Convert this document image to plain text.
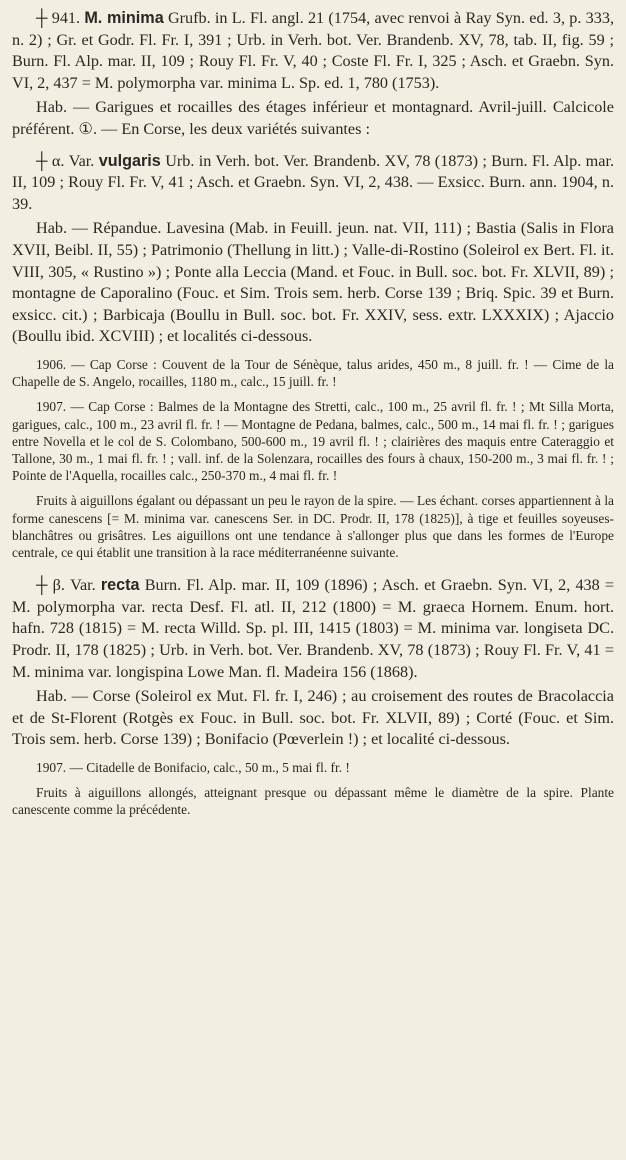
┼ 941. M. minima Grufb. in L. Fl. angl. 21 (1754, avec renvoi à Ray Syn. ed. 3, p. 333, n. 2) ; Gr. et Godr. Fl. Fr. I, 391 ; Urb. in Verh. bot. Ver. Brandenb. XV, 78, tab. II, fig. 59 ; Burn. Fl. Alp. mar. II, 109 ; Rouy Fl. Fr. V, 40 ; Coste Fl. Fr. I, 325 ; Asch. et Graebn. Syn. VI, 2, 437 = M. polymorpha var. minima L. Sp. ed. 1, 780 (1753).

Hab. — Garigues et rocailles des étages inférieur et montagnard. Avril-juill. Calcicole préférent. ①. — En Corse, les deux variétés suivantes :

┼ α. Var. vulgaris Urb. in Verh. bot. Ver. Brandenb. XV, 78 (1873) ; Burn. Fl. Alp. mar. II, 109 ; Rouy Fl. Fr. V, 41 ; Asch. et Graebn. Syn. VI, 2, 438. — Exsicc. Burn. ann. 1904, n. 39.

Hab. — Répandue. Lavesina (Mab. in Feuill. jeun. nat. VII, 111) ; Bastia (Salis in Flora XVII, Beibl. II, 55) ; Patrimonio (Thellung in litt.) ; Valle-di-Rostino (Soleirol ex Bert. Fl. it. VIII, 305, « Rustino ») ; Ponte alla Leccia (Mand. et Fouc. in Bull. soc. bot. Fr. XLVII, 89) ; montagne de Caporalino (Fouc. et Sim. Trois sem. herb. Corse 139 ; Briq. Spic. 39 et Burn. exsicc. cit.) ; Barbicaja (Boullu in Bull. soc. bot. Fr. XXIV, sess. extr. LXXXIX) ; Ajaccio (Boullu ibid. XCVIII) ; et localités ci-dessous.

1906. — Cap Corse : Couvent de la Tour de Sénèque, talus arides, 450 m., 8 juill. fr. ! — Cime de la Chapelle de S. Angelo, rocailles, 1180 m., calc., 15 juill. fr. !

1907. — Cap Corse : Balmes de la Montagne des Stretti, calc., 100 m., 25 avril fl. fr. ! ; Mt Silla Morta, garigues, calc., 100 m., 23 avril fl. fr. ! — Montagne de Pedana, balmes, calc., 500 m., 14 mai fl. fr. ! ; garigues entre Novella et le col de S. Colombano, 500-600 m., 19 avril fl. ! ; clairières des maquis entre Cateraggio et Tallone, 30 m., 1 mai fl. fr. ! ; vall. inf. de la Solenzara, rocailles des fours à chaux, 150-200 m., 3 mai fl. fr. ! ; Pointe de l'Aquella, rocailles calc., 250-370 m., 4 mai fl. fr. !

Fruits à aiguillons égalant ou dépassant un peu le rayon de la spire. — Les échant. corses appartiennent à la forme canescens [= M. minima var. canescens Ser. in DC. Prodr. II, 178 (1825)], à tige et feuilles soyeuses-blanchâtres ou grisâtres. Les aiguillons ont une tendance à s'allonger plus que dans les formes de l'Europe centrale, ce qui établit une transition à la race méditerranéenne suivante.

┼ β. Var. recta Burn. Fl. Alp. mar. II, 109 (1896) ; Asch. et Graebn. Syn. VI, 2, 438 = M. polymorpha var. recta Desf. Fl. atl. II, 212 (1800) = M. graeca Hornem. Enum. hort. hafn. 728 (1815) = M. recta Willd. Sp. pl. III, 1415 (1803) = M. minima var. longiseta DC. Prodr. II, 178 (1825) ; Urb. in Verh. bot. Ver. Brandenb. XV, 78 (1873) ; Rouy Fl. Fr. V, 41 = M. minima var. longispina Lowe Man. fl. Madeira 156 (1868).

Hab. — Corse (Soleirol ex Mut. Fl. fr. I, 246) ; au croisement des routes de Bracolaccia et de St-Florent (Rotgès ex Fouc. in Bull. soc. bot. Fr. XLVII, 89) ; Corté (Fouc. et Sim. Trois sem. herb. Corse 139) ; Bonifacio (Pœverlein !) ; et localité ci-dessous.

1907. — Citadelle de Bonifacio, calc., 50 m., 5 mai fl. fr. !

Fruits à aiguillons allongés, atteignant presque ou dépassant même le diamètre de la spire. Plante canescente comme la précédente.
